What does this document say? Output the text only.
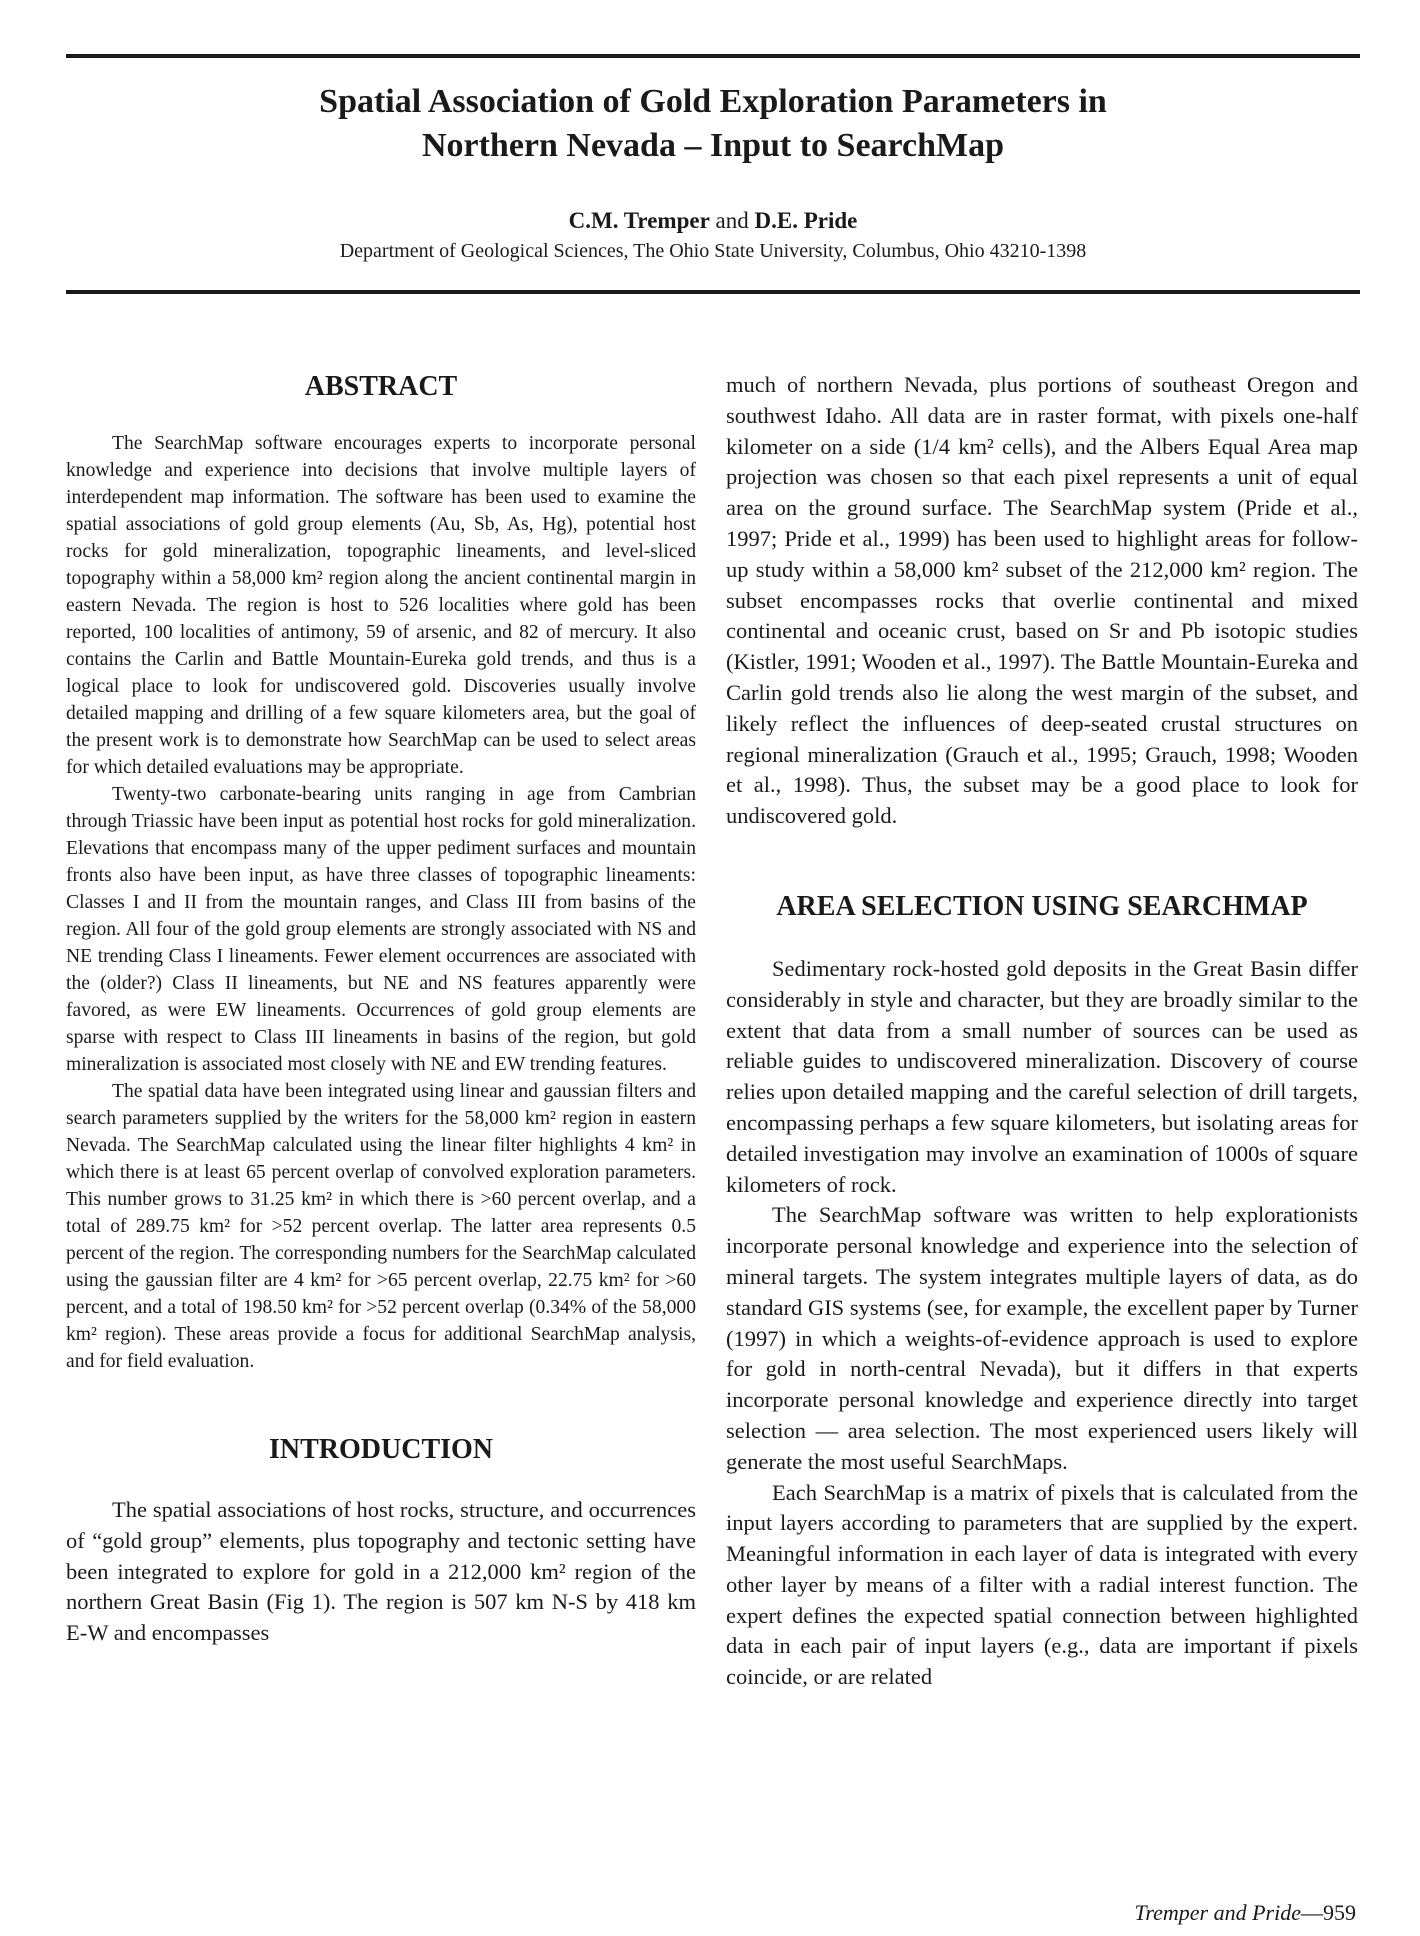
Spatial Association of Gold Exploration Parameters in
Northern Nevada – Input to SearchMap

C.M. Tremper and D.E. Pride

Department of Geological Sciences, The Ohio State University, Columbus, Ohio 43210-1398

ABSTRACT

The SearchMap software encourages experts to incorporate personal knowledge and experience into decisions that involve multiple layers of interdependent map information. The software has been used to examine the spatial associations of gold group elements (Au, Sb, As, Hg), potential host rocks for gold mineralization, topographic lineaments, and level-sliced topography within a 58,000 km² region along the ancient continental margin in eastern Nevada. The region is host to 526 localities where gold has been reported, 100 localities of antimony, 59 of arsenic, and 82 of mercury. It also contains the Carlin and Battle Mountain-Eureka gold trends, and thus is a logical place to look for undiscovered gold. Discoveries usually involve detailed mapping and drilling of a few square kilometers area, but the goal of the present work is to demonstrate how SearchMap can be used to select areas for which detailed evaluations may be appropriate.

Twenty-two carbonate-bearing units ranging in age from Cambrian through Triassic have been input as potential host rocks for gold mineralization. Elevations that encompass many of the upper pediment surfaces and mountain fronts also have been input, as have three classes of topographic lineaments: Classes I and II from the mountain ranges, and Class III from basins of the region. All four of the gold group elements are strongly associated with NS and NE trending Class I lineaments. Fewer element occurrences are associated with the (older?) Class II lineaments, but NE and NS features apparently were favored, as were EW lineaments. Occurrences of gold group elements are sparse with respect to Class III lineaments in basins of the region, but gold mineralization is associated most closely with NE and EW trending features.

The spatial data have been integrated using linear and gaussian filters and search parameters supplied by the writers for the 58,000 km² region in eastern Nevada. The SearchMap calculated using the linear filter highlights 4 km² in which there is at least 65 percent overlap of convolved exploration parameters. This number grows to 31.25 km² in which there is >60 percent overlap, and a total of 289.75 km² for >52 percent overlap. The latter area represents 0.5 percent of the region. The corresponding numbers for the SearchMap calculated using the gaussian filter are 4 km² for >65 percent overlap, 22.75 km² for >60 percent, and a total of 198.50 km² for >52 percent overlap (0.34% of the 58,000 km² region). These areas provide a focus for additional SearchMap analysis, and for field evaluation.

INTRODUCTION

The spatial associations of host rocks, structure, and occurrences of “gold group” elements, plus topography and tectonic setting have been integrated to explore for gold in a 212,000 km² region of the northern Great Basin (Fig 1). The region is 507 km N-S by 418 km E-W and encompasses

much of northern Nevada, plus portions of southeast Oregon and southwest Idaho. All data are in raster format, with pixels one-half kilometer on a side (1/4 km² cells), and the Albers Equal Area map projection was chosen so that each pixel represents a unit of equal area on the ground surface. The SearchMap system (Pride et al., 1997; Pride et al., 1999) has been used to highlight areas for follow-up study within a 58,000 km² subset of the 212,000 km² region. The subset encompasses rocks that overlie continental and mixed continental and oceanic crust, based on Sr and Pb isotopic studies (Kistler, 1991; Wooden et al., 1997). The Battle Mountain-Eureka and Carlin gold trends also lie along the west margin of the subset, and likely reflect the influences of deep-seated crustal structures on regional mineralization (Grauch et al., 1995; Grauch, 1998; Wooden et al., 1998). Thus, the subset may be a good place to look for undiscovered gold.

AREA SELECTION USING SEARCHMAP

Sedimentary rock-hosted gold deposits in the Great Basin differ considerably in style and character, but they are broadly similar to the extent that data from a small number of sources can be used as reliable guides to undiscovered mineralization. Discovery of course relies upon detailed mapping and the careful selection of drill targets, encompassing perhaps a few square kilometers, but isolating areas for detailed investigation may involve an examination of 1000s of square kilometers of rock.

The SearchMap software was written to help explorationists incorporate personal knowledge and experience into the selection of mineral targets. The system integrates multiple layers of data, as do standard GIS systems (see, for example, the excellent paper by Turner (1997) in which a weights-of-evidence approach is used to explore for gold in north-central Nevada), but it differs in that experts incorporate personal knowledge and experience directly into target selection — area selection. The most experienced users likely will generate the most useful SearchMaps.

Each SearchMap is a matrix of pixels that is calculated from the input layers according to parameters that are supplied by the expert. Meaningful information in each layer of data is integrated with every other layer by means of a filter with a radial interest function. The expert defines the expected spatial connection between highlighted data in each pair of input layers (e.g., data are important if pixels coincide, or are related

Tremper and Pride—959
